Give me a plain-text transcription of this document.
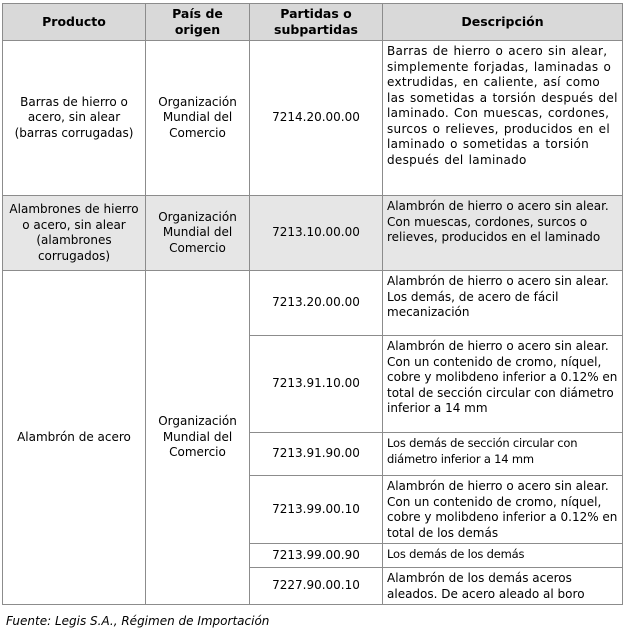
Producto	País de origen	Partidas o subpartidas	Descripción
Barras de hierro o acero, sin alear (barras corrugadas)	Organización Mundial del Comercio	7214.20.00.00	Barras de hierro o acero sin alear, simplemente forjadas, laminadas o extrudidas, en caliente, así como las sometidas a torsión después del laminado. Con muescas, cordones, surcos o relieves, producidos en el laminado o sometidas a torsión después del laminado
Alambrones de hierro o acero, sin alear (alambrones corrugados)	Organización Mundial del Comercio	7213.10.00.00	Alambrón de hierro o acero sin alear. Con muescas, cordones, surcos o relieves, producidos en el laminado
Alambrón de acero	Organización Mundial del Comercio	7213.20.00.00	Alambrón de hierro o acero sin alear. Los demás, de acero de fácil mecanización
		7213.91.10.00	Alambrón de hierro o acero sin alear. Con un contenido de cromo, níquel, cobre y molibdeno inferior a 0.12% en total de sección circular con diámetro inferior a 14 mm
		7213.91.90.00	Los demás de sección circular con diámetro inferior a 14 mm
		7213.99.00.10	Alambrón de hierro o acero sin alear. Con un contenido de cromo, níquel, cobre y molibdeno inferior a 0.12% en total de los demás
		7213.99.00.90	Los demás de los demás
		7227.90.00.10	Alambrón de los demás aceros aleados. De acero aleado al boro
Fuente: Legis S.A., Régimen de Importación
